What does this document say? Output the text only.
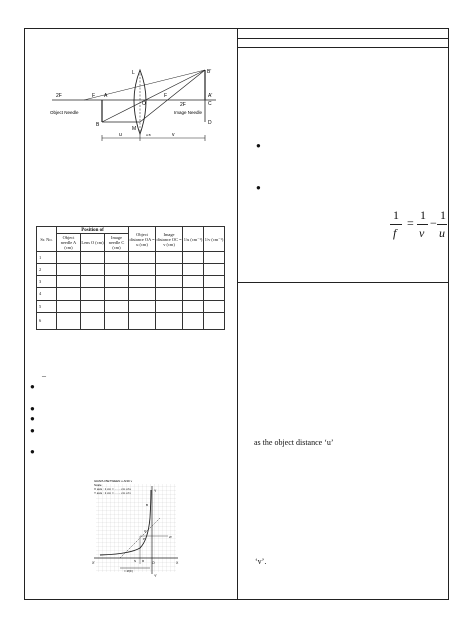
L	B'
2F	F A
O
F	A'
C
Object Needle
B
M
2F
Image Needle
D
u	v
A B
Sr. No.	Position of			Object distance OA = u (cm)	Image distance OC = v (cm)	1/u (cm⁻¹)	1/v (cm⁻¹)
	Object needle A (cm)	Lens O (cm)	Image needle C (cm)				
1							
2							
3							
4							
5							
6							
–
●
●
●
●
●
GRAPH BETWEEN u AND v
Scale
X axis : 1 cm = ....... cm of u
Y axis : 1 cm = ....... cm of v
X'	X
Y
Y'
O
S R
P
Q
B
2f
= 2f(F)
●
●
1
f
=
1
v
−
1
u
as the object distance ‘u’
‘v’.
